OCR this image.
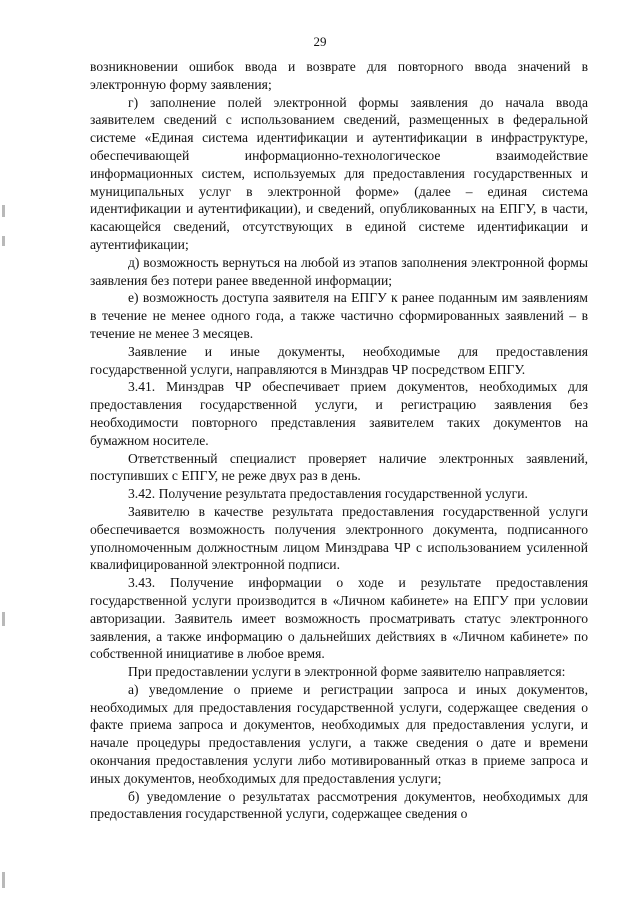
29

возникновении ошибок ввода и возврате для повторного ввода значений в электронную форму заявления;

г) заполнение полей электронной формы заявления до начала ввода заявителем сведений с использованием сведений, размещенных в федеральной системе «Единая система идентификации и аутентификации в инфраструктуре, обеспечивающей информационно-технологическое взаимодействие информационных систем, используемых для предоставления государственных и муниципальных услуг в электронной форме» (далее – единая система идентификации и аутентификации), и сведений, опубликованных на ЕПГУ, в части, касающейся сведений, отсутствующих в единой системе идентификации и аутентификации;

д) возможность вернуться на любой из этапов заполнения электронной формы заявления без потери ранее введенной информации;

е) возможность доступа заявителя на ЕПГУ к ранее поданным им заявлениям в течение не менее одного года, а также частично сформированных заявлений – в течение не менее 3 месяцев.

Заявление и иные документы, необходимые для предоставления государственной услуги, направляются в Минздрав ЧР посредством ЕПГУ.

3.41. Минздрав ЧР обеспечивает прием документов, необходимых для предоставления государственной услуги, и регистрацию заявления без необходимости повторного представления заявителем таких документов на бумажном носителе.

Ответственный специалист проверяет наличие электронных заявлений, поступивших с ЕПГУ, не реже двух раз в день.

3.42. Получение результата предоставления государственной услуги.

Заявителю в качестве результата предоставления государственной услуги обеспечивается возможность получения электронного документа, подписанного уполномоченным должностным лицом Минздрава ЧР с использованием усиленной квалифицированной электронной подписи.

3.43. Получение информации о ходе и результате предоставления государственной услуги производится в «Личном кабинете» на ЕПГУ при условии авторизации. Заявитель имеет возможность просматривать статус электронного заявления, а также информацию о дальнейших действиях в «Личном кабинете» по собственной инициативе в любое время.

При предоставлении услуги в электронной форме заявителю направляется:

а) уведомление о приеме и регистрации запроса и иных документов, необходимых для предоставления государственной услуги, содержащее сведения о факте приема запроса и документов, необходимых для предоставления услуги, и начале процедуры предоставления услуги, а также сведения о дате и времени окончания предоставления услуги либо мотивированный отказ в приеме запроса и иных документов, необходимых для предоставления услуги;

б) уведомление о результатах рассмотрения документов, необходимых для предоставления государственной услуги, содержащее сведения о
